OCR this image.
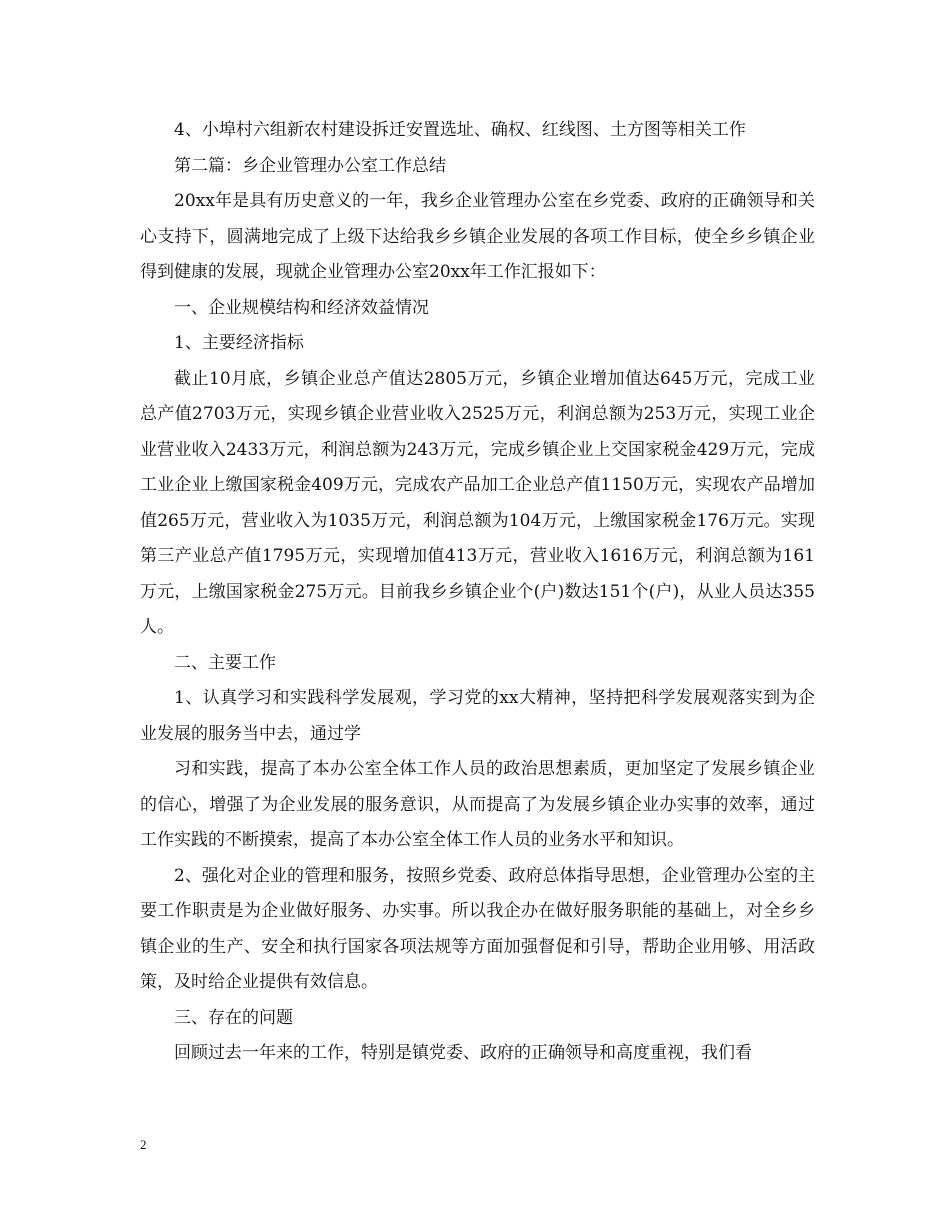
4、小埠村六组新农村建设拆迁安置选址、确权、红线图、土方图等相关工作

第二篇：乡企业管理办公室工作总结

20xx年是具有历史意义的一年，我乡企业管理办公室在乡党委、政府的正确领导和关心支持下，圆满地完成了上级下达给我乡乡镇企业发展的各项工作目标，使全乡乡镇企业得到健康的发展，现就企业管理办公室20xx年工作汇报如下：

一、企业规模结构和经济效益情况

1、主要经济指标

截止10月底，乡镇企业总产值达2805万元，乡镇企业增加值达645万元，完成工业总产值2703万元，实现乡镇企业营业收入2525万元，利润总额为253万元，实现工业企业营业收入2433万元，利润总额为243万元，完成乡镇企业上交国家税金429万元，完成工业企业上缴国家税金409万元，完成农产品加工企业总产值1150万元，实现农产品增加值265万元，营业收入为1035万元，利润总额为104万元，上缴国家税金176万元。实现第三产业总产值1795万元，实现增加值413万元，营业收入1616万元，利润总额为161万元，上缴国家税金275万元。目前我乡乡镇企业个(户)数达151个(户)，从业人员达355人。

二、主要工作

1、认真学习和实践科学发展观，学习党的xx大精神，坚持把科学发展观落实到为企业发展的服务当中去，通过学

习和实践，提高了本办公室全体工作人员的政治思想素质，更加坚定了发展乡镇企业的信心，增强了为企业发展的服务意识，从而提高了为发展乡镇企业办实事的效率，通过工作实践的不断摸索，提高了本办公室全体工作人员的业务水平和知识。

2、强化对企业的管理和服务，按照乡党委、政府总体指导思想，企业管理办公室的主要工作职责是为企业做好服务、办实事。所以我企办在做好服务职能的基础上，对全乡乡镇企业的生产、安全和执行国家各项法规等方面加强督促和引导，帮助企业用够、用活政策，及时给企业提供有效信息。

三、存在的问题

回顾过去一年来的工作，特别是镇党委、政府的正确领导和高度重视，我们看

2
